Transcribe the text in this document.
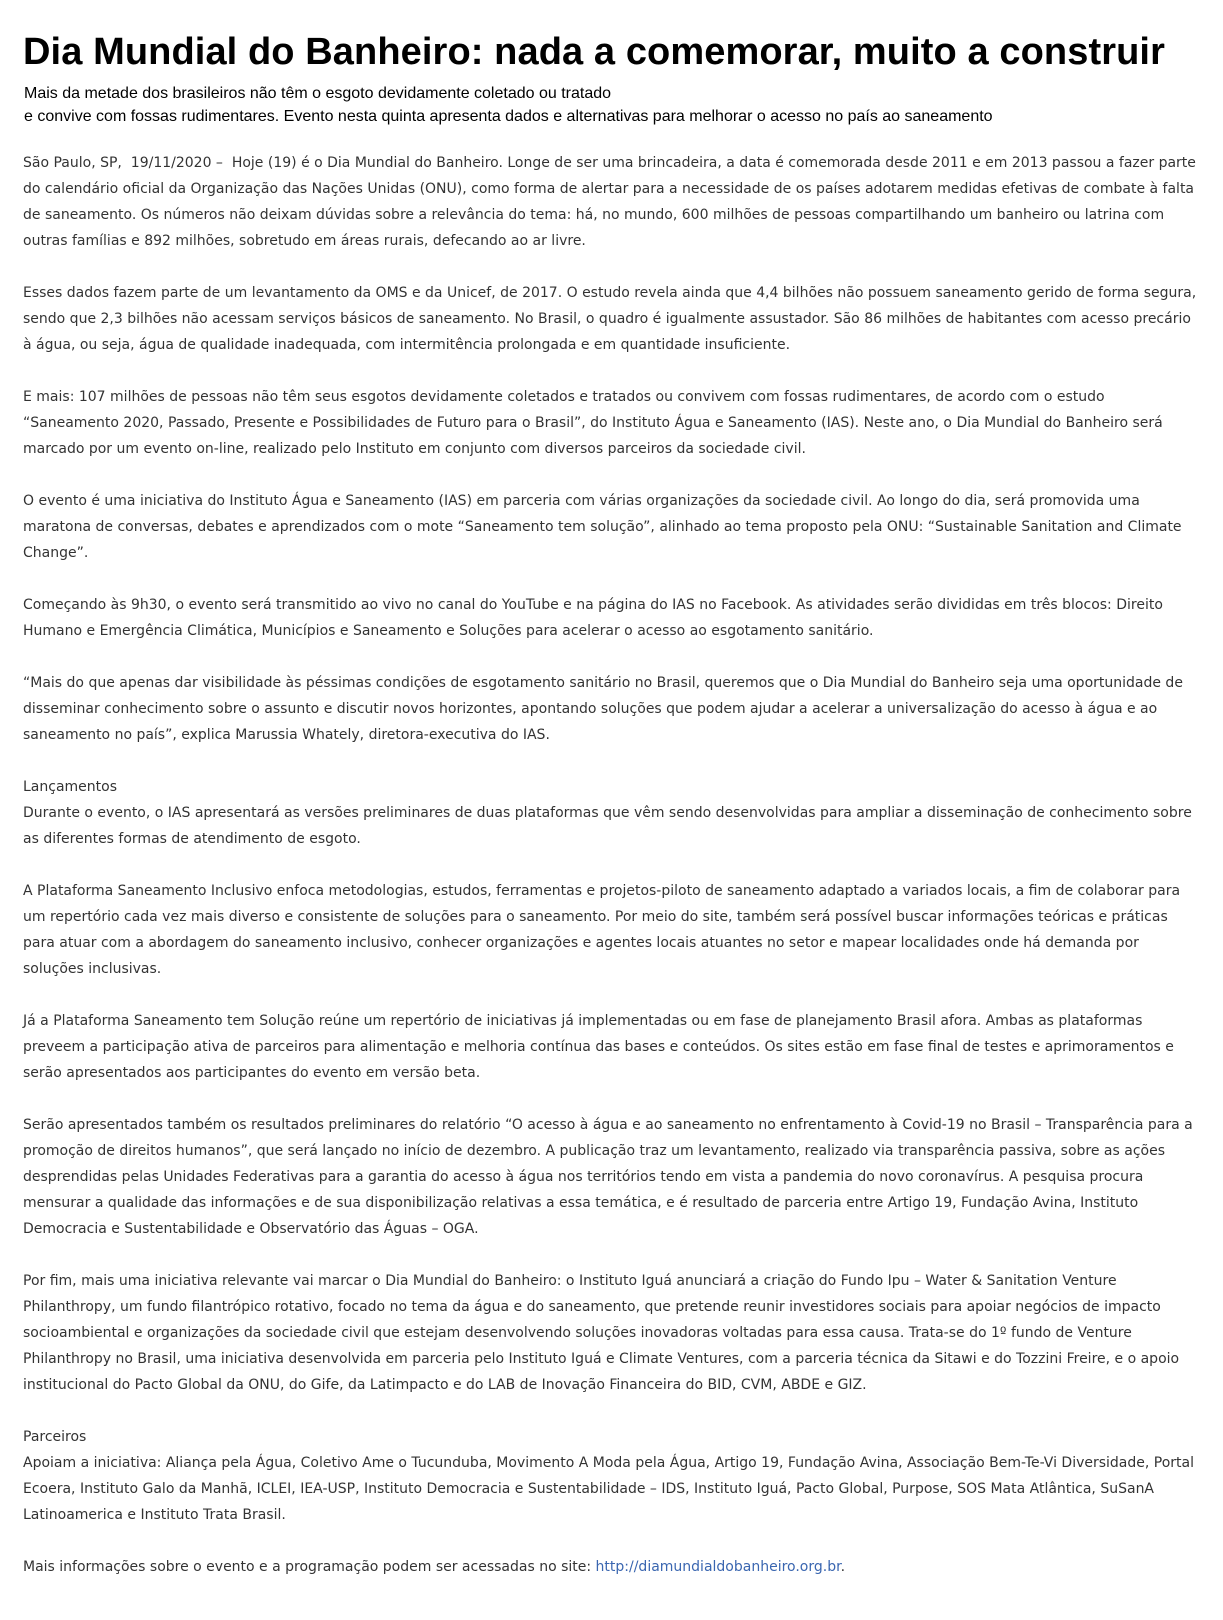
Dia Mundial do Banheiro: nada a comemorar, muito a construir
Mais da metade dos brasileiros não têm o esgoto devidamente coletado ou tratado
e convive com fossas rudimentares. Evento nesta quinta apresenta dados e alternativas para melhorar o acesso no país ao saneamento

São Paulo, SP,  19/11/2020 –  Hoje (19) é o Dia Mundial do Banheiro. Longe de ser uma brincadeira, a data é comemorada desde 2011 e em 2013 passou a fazer parte do calendário oficial da Organização das Nações Unidas (ONU), como forma de alertar para a necessidade de os países adotarem medidas efetivas de combate à falta de saneamento. Os números não deixam dúvidas sobre a relevância do tema: há, no mundo, 600 milhões de pessoas compartilhando um banheiro ou latrina com outras famílias e 892 milhões, sobretudo em áreas rurais, defecando ao ar livre.

Esses dados fazem parte de um levantamento da OMS e da Unicef, de 2017. O estudo revela ainda que 4,4 bilhões não possuem saneamento gerido de forma segura, sendo que 2,3 bilhões não acessam serviços básicos de saneamento. No Brasil, o quadro é igualmente assustador. São 86 milhões de habitantes com acesso precário à água, ou seja, água de qualidade inadequada, com intermitência prolongada e em quantidade insuficiente.

E mais: 107 milhões de pessoas não têm seus esgotos devidamente coletados e tratados ou convivem com fossas rudimentares, de acordo com o estudo “Saneamento 2020, Passado, Presente e Possibilidades de Futuro para o Brasil”, do Instituto Água e Saneamento (IAS). Neste ano, o Dia Mundial do Banheiro será marcado por um evento on-line, realizado pelo Instituto em conjunto com diversos parceiros da sociedade civil.

O evento é uma iniciativa do Instituto Água e Saneamento (IAS) em parceria com várias organizações da sociedade civil. Ao longo do dia, será promovida uma maratona de conversas, debates e aprendizados com o mote “Saneamento tem solução”, alinhado ao tema proposto pela ONU: “Sustainable Sanitation and Climate Change”.

Começando às 9h30, o evento será transmitido ao vivo no canal do YouTube e na página do IAS no Facebook. As atividades serão divididas em três blocos: Direito Humano e Emergência Climática, Municípios e Saneamento e Soluções para acelerar o acesso ao esgotamento sanitário.

“Mais do que apenas dar visibilidade às péssimas condições de esgotamento sanitário no Brasil, queremos que o Dia Mundial do Banheiro seja uma oportunidade de disseminar conhecimento sobre o assunto e discutir novos horizontes, apontando soluções que podem ajudar a acelerar a universalização do acesso à água e ao saneamento no país”, explica Marussia Whately, diretora-executiva do IAS.

Lançamentos
Durante o evento, o IAS apresentará as versões preliminares de duas plataformas que vêm sendo desenvolvidas para ampliar a disseminação de conhecimento sobre as diferentes formas de atendimento de esgoto.

A Plataforma Saneamento Inclusivo enfoca metodologias, estudos, ferramentas e projetos-piloto de saneamento adaptado a variados locais, a fim de colaborar para um repertório cada vez mais diverso e consistente de soluções para o saneamento. Por meio do site, também será possível buscar informações teóricas e práticas para atuar com a abordagem do saneamento inclusivo, conhecer organizações e agentes locais atuantes no setor e mapear localidades onde há demanda por soluções inclusivas.

Já a Plataforma Saneamento tem Solução reúne um repertório de iniciativas já implementadas ou em fase de planejamento Brasil afora. Ambas as plataformas preveem a participação ativa de parceiros para alimentação e melhoria contínua das bases e conteúdos. Os sites estão em fase final de testes e aprimoramentos e serão apresentados aos participantes do evento em versão beta.

Serão apresentados também os resultados preliminares do relatório “O acesso à água e ao saneamento no enfrentamento à Covid-19 no Brasil – Transparência para a promoção de direitos humanos”, que será lançado no início de dezembro. A publicação traz um levantamento, realizado via transparência passiva, sobre as ações desprendidas pelas Unidades Federativas para a garantia do acesso à água nos territórios tendo em vista a pandemia do novo coronavírus. A pesquisa procura mensurar a qualidade das informações e de sua disponibilização relativas a essa temática, e é resultado de parceria entre Artigo 19, Fundação Avina, Instituto Democracia e Sustentabilidade e Observatório das Águas – OGA.

Por fim, mais uma iniciativa relevante vai marcar o Dia Mundial do Banheiro: o Instituto Iguá anunciará a criação do Fundo Ipu – Water & Sanitation Venture Philanthropy, um fundo filantrópico rotativo, focado no tema da água e do saneamento, que pretende reunir investidores sociais para apoiar negócios de impacto socioambiental e organizações da sociedade civil que estejam desenvolvendo soluções inovadoras voltadas para essa causa. Trata-se do 1º fundo de Venture Philanthropy no Brasil, uma iniciativa desenvolvida em parceria pelo Instituto Iguá e Climate Ventures, com a parceria técnica da Sitawi e do Tozzini Freire, e o apoio institucional do Pacto Global da ONU, do Gife, da Latimpacto e do LAB de Inovação Financeira do BID, CVM, ABDE e GIZ.

Parceiros
Apoiam a iniciativa: Aliança pela Água, Coletivo Ame o Tucunduba, Movimento A Moda pela Água, Artigo 19, Fundação Avina, Associação Bem-Te-Vi Diversidade, Portal Ecoera, Instituto Galo da Manhã, ICLEI, IEA-USP, Instituto Democracia e Sustentabilidade – IDS, Instituto Iguá, Pacto Global, Purpose, SOS Mata Atlântica, SuSanA Latinoamerica e Instituto Trata Brasil.

Mais informações sobre o evento e a programação podem ser acessadas no site: http://diamundialdobanheiro.org.br.
